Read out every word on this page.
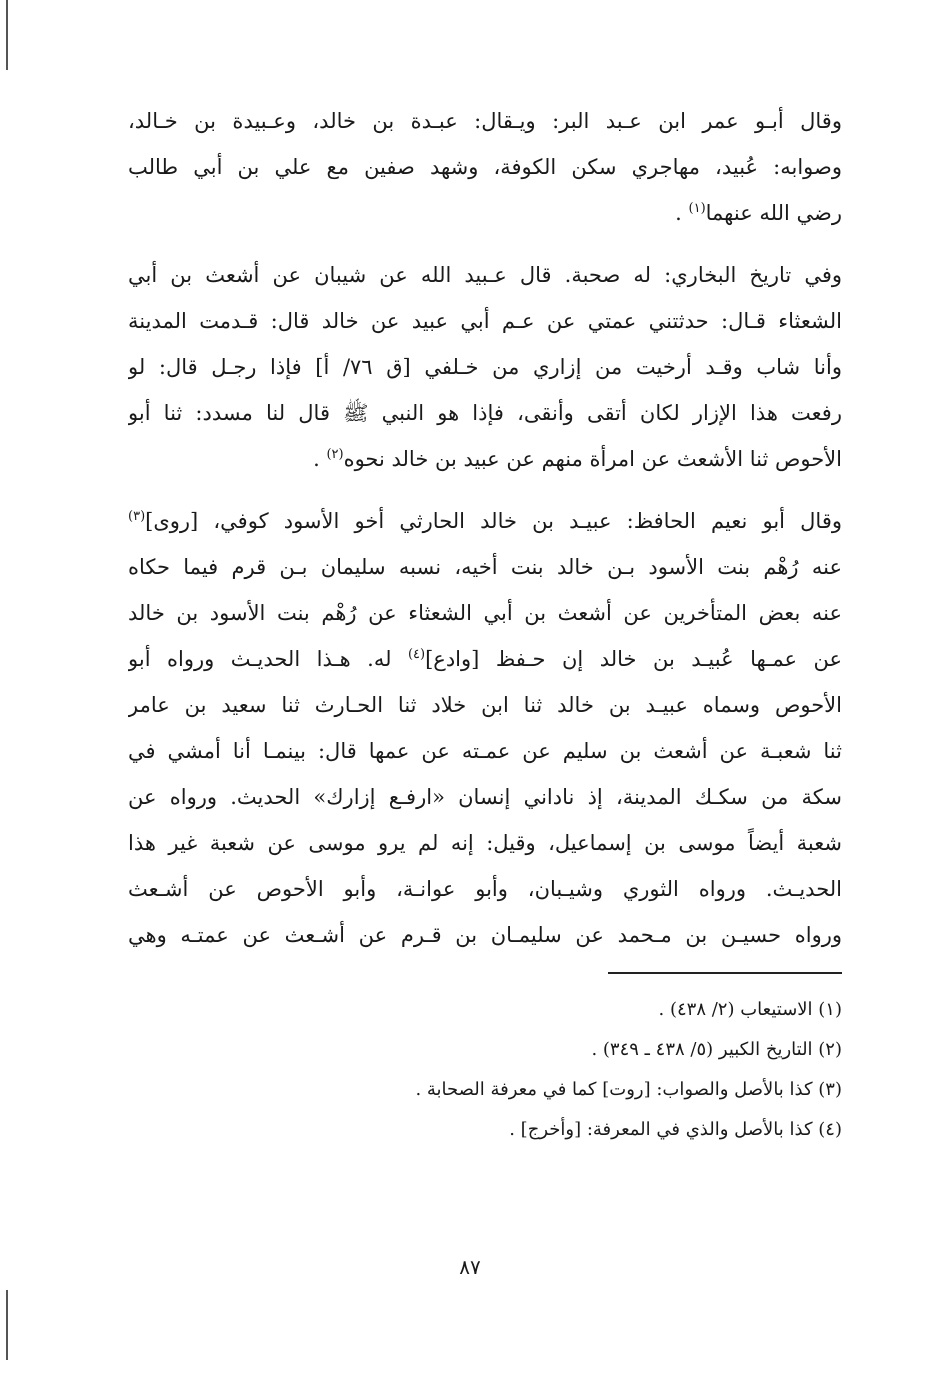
وقال أبـو عمر ابن عـبد البر: ويـقال: عبـدة بن خالد، وعـبيدة بن خـالد،
وصوابه: عُبيد، مهاجري سكن الكوفة، وشهد صفين مع علي بن أبي طالب
رضي الله عنهما$^{(١)}$ .
وفي تاريخ البخاري: له صحبة. قال عـبيد الله عن شيبان عن أشعث بن أبي
الشعثاء قـال: حدثتني عمتي عن عـم أبي عبيد عن خالد قال: قـدمت المدينة
وأنا شاب وقـد أرخيت من إزاري من خـلفي [ق ٧٦/ أ] فإذا رجـل قال: لو
رفعت هذا الإزار لكان أتقى وأنقى، فإذا هو النبي ﷺ قال لنا مسدد: ثنا أبو
الأحوص ثنا الأشعث عن امرأة منهم عن عبيد بن خالد نحوه$^{(٢)}$ .
وقال أبو نعيم الحافظ: عبيـد بن خالد الحارثي أخو الأسود كوفي، [روى]$^{(٣)}$
عنه رُهْم بنت الأسود بـن خالد بنت أخيه، نسبه سليمان بـن قرم فيما حكاه
عنه بعض المتأخرين عن أشعث بن أبي الشعثاء عن رُهْم بنت الأسود بن خالد
عن عمـها عُبيـد بن خالد إن حـفظ [وادع]$^{(٤)}$ له. هـذا الحديـث ورواه أبو
الأحوص وسماه عبيـد بن خالد ثنا ابن خلاد ثنا الحـارث ثنا سعيد بن عامر
ثنا شعبـة عن أشعث بن سليم عن عمـته عن عمها قال: بينمـا أنا أمشي في
سكة من سكـك المدينة، إذ ناداني إنسان «ارفـع إزارك» الحديث. ورواه عن
شعبة أيضاً موسى بن إسماعيل، وقيل: إنه لم يرو موسى عن شعبة غير هذا
الحديـث. ورواه الثوري وشيـبان، وأبو عوانـة، وأبو الأحوص عن أشـعث
ورواه حسيـن بن مـحمد عن سليمـان بن قـرم عن أشـعث عن عمتـه وهي
(١) الاستيعاب (٢/ ٤٣٨) .
(٢) التاريخ الكبير (٥/ ٤٣٨ ـ ٣٤٩) .
(٣) كذا بالأصل والصواب: [روت] كما في معرفة الصحابة .
(٤) كذا بالأصل والذي في المعرفة: [وأخرج] .
٨٧
